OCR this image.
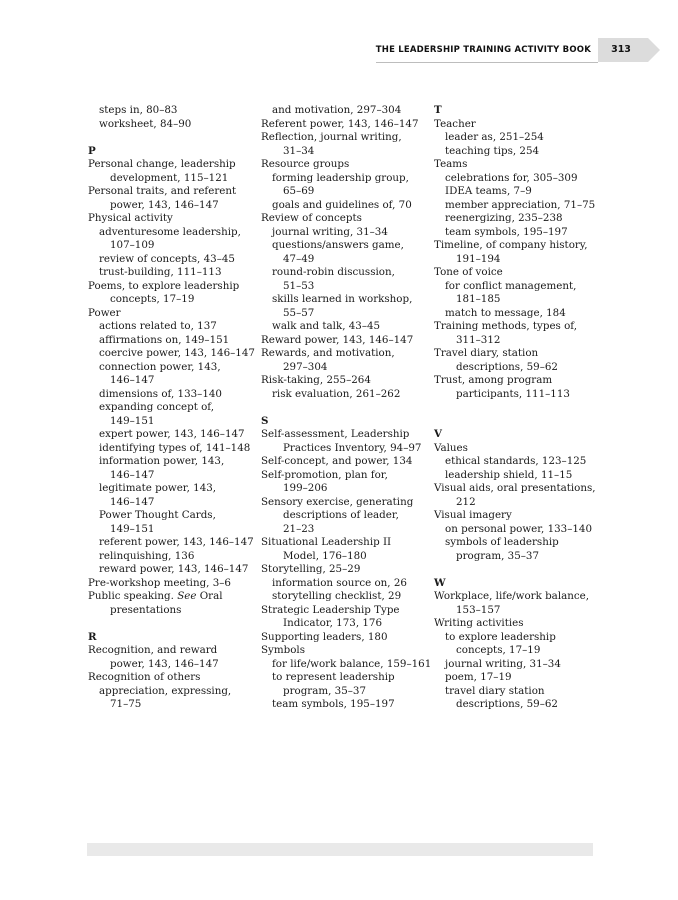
THE LEADERSHIP TRAINING ACTIVITY BOOK	313
steps in, 80–83
worksheet, 84–90
P
Personal change, leadership
development, 115–121
Personal traits, and referent
power, 143, 146–147
Physical activity
adventuresome leadership,
107–109
review of concepts, 43–45
trust-building, 111–113
Poems, to explore leadership
concepts, 17–19
Power
actions related to, 137
affirmations on, 149–151
coercive power, 143, 146–147
connection power, 143,
146–147
dimensions of, 133–140
expanding concept of,
149–151
expert power, 143, 146–147
identifying types of, 141–148
information power, 143,
146–147
legitimate power, 143,
146–147
Power Thought Cards,
149–151
referent power, 143, 146–147
relinquishing, 136
reward power, 143, 146–147
Pre-workshop meeting, 3–6
Public speaking. See Oral
presentations
R
Recognition, and reward
power, 143, 146–147
Recognition of others
appreciation, expressing,
71–75
and motivation, 297–304
Referent power, 143, 146–147
Reflection, journal writing,
31–34
Resource groups
forming leadership group,
65–69
goals and guidelines of, 70
Review of concepts
journal writing, 31–34
questions/answers game,
47–49
round-robin discussion,
51–53
skills learned in workshop,
55–57
walk and talk, 43–45
Reward power, 143, 146–147
Rewards, and motivation,
297–304
Risk-taking, 255–264
risk evaluation, 261–262
S
Self-assessment, Leadership
Practices Inventory, 94–97
Self-concept, and power, 134
Self-promotion, plan for,
199–206
Sensory exercise, generating
descriptions of leader,
21–23
Situational Leadership II
Model, 176–180
Storytelling, 25–29
information source on, 26
storytelling checklist, 29
Strategic Leadership Type
Indicator, 173, 176
Supporting leaders, 180
Symbols
for life/work balance, 159–161
to represent leadership
program, 35–37
team symbols, 195–197
T
Teacher
leader as, 251–254
teaching tips, 254
Teams
celebrations for, 305–309
IDEA teams, 7–9
member appreciation, 71–75
reenergizing, 235–238
team symbols, 195–197
Timeline, of company history,
191–194
Tone of voice
for conflict management,
181–185
match to message, 184
Training methods, types of,
311–312
Travel diary, station
descriptions, 59–62
Trust, among program
participants, 111–113
V
Values
ethical standards, 123–125
leadership shield, 11–15
Visual aids, oral presentations,
212
Visual imagery
on personal power, 133–140
symbols of leadership
program, 35–37
W
Workplace, life/work balance,
153–157
Writing activities
to explore leadership
concepts, 17–19
journal writing, 31–34
poem, 17–19
travel diary station
descriptions, 59–62
